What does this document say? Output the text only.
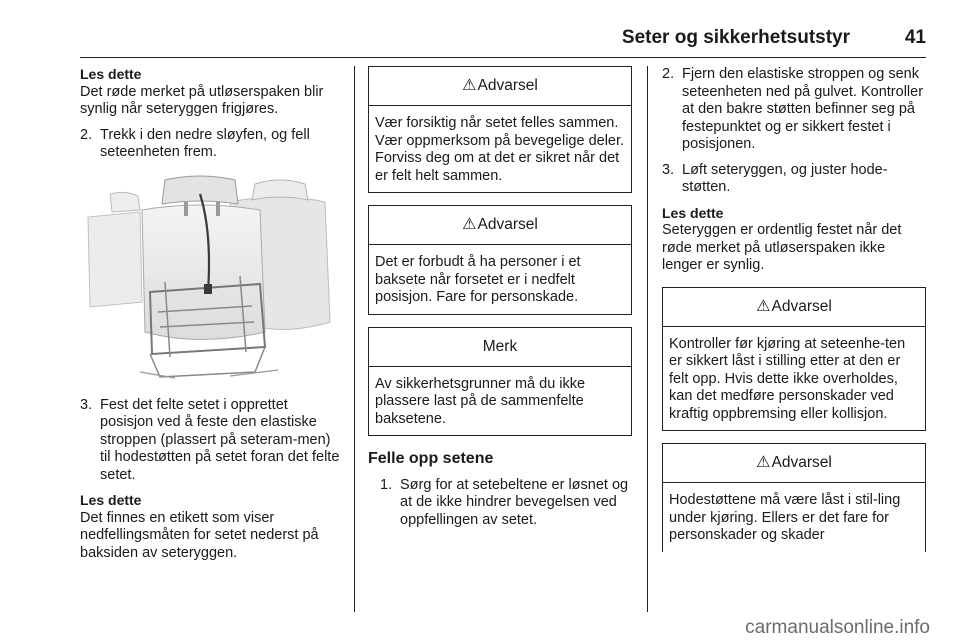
Seter og sikkerhetsutstyr	41

Les dette

Det røde merket på utløserspaken blir synlig når seteryggen frigjøres.

2. Trekk i den nedre sløyfen, og fell seteenheten frem.
3. Fest det felte setet i opprettet posisjon ved å feste den elastiske stroppen (plassert på seteram-men) til hodestøtten på setet foran det felte setet.

Les dette

Det finnes en etikett som viser nedfellingsmåten for setet nederst på baksiden av seteryggen.

⚠Advarsel
Vær forsiktig når setet felles sammen. Vær oppmerksom på bevegelige deler. Forviss deg om at det er sikret når det er felt helt sammen.
⚠Advarsel
Det er forbudt å ha personer i et baksete når forsetet er i nedfelt posisjon. Fare for personskade.
Merk
Av sikkerhetsgrunner må du ikke plassere last på de sammenfelte baksetene.
Felle opp setene
1. Sørg for at setebeltene er løsnet og at de ikke hindrer bevegelsen ved oppfellingen av setet.
2. Fjern den elastiske stroppen og senk seteenheten ned på gulvet. Kontroller at den bakre støtten befinner seg på festepunktet og er sikkert festet i posisjonen.
3. Løft seteryggen, og juster hode-støtten.

Les dette

Seteryggen er ordentlig festet når det røde merket på utløserspaken ikke lenger er synlig.

⚠Advarsel
Kontroller før kjøring at seteenhe-ten er sikkert låst i stilling etter at den er felt opp. Hvis dette ikke overholdes, kan det medføre personskader ved kraftig oppbremsing eller kollisjon.
⚠Advarsel
Hodestøttene må være låst i stil-ling under kjøring. Ellers er det fare for personskader og skader
carmanualsonline.info
